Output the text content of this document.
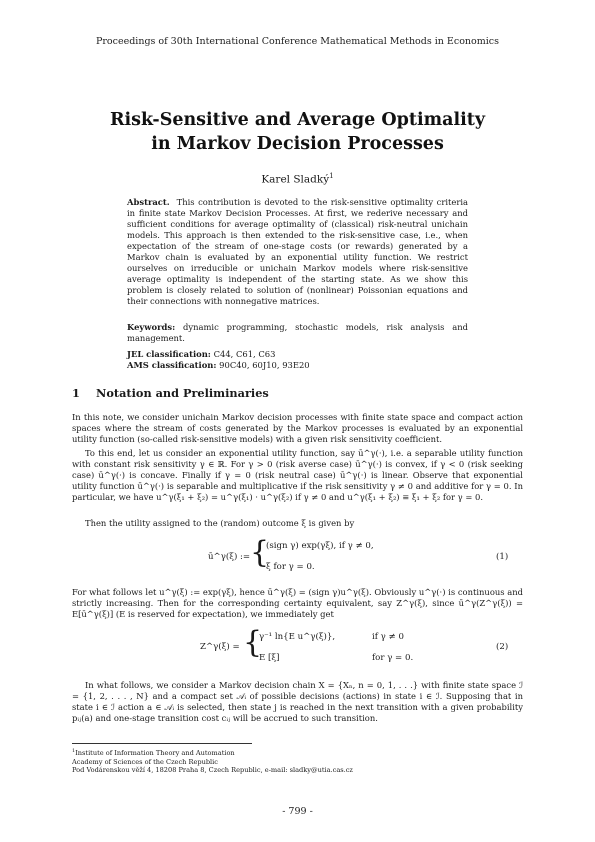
Proceedings of 30th International Conference Mathematical Methods in Economics
Risk-Sensitive and Average Optimality
in Markov Decision Processes
Karel Sladký$^1$
Abstract. This contribution is devoted to the risk-sensitive optimality criteria in finite state Markov Decision Processes. At first, we rederive necessary and sufficient conditions for average optimality of (classical) risk-neutral unichain models. This approach is then extended to the risk-sensitive case, i.e., when expectation of the stream of one-stage costs (or rewards) generated by a Markov chain is evaluated by an exponential utility function. We restrict ourselves on irreducible or unichain Markov models where risk-sensitive average optimality is independent of the starting state. As we show this problem is closely related to solution of (nonlinear) Poissonian equations and their connections with nonnegative matrices.
Keywords: dynamic programming, stochastic models, risk analysis and management.
JEL classification: C44, C61, C63
AMS classification: 90C40, 60J10, 93E20
1 Notation and Preliminaries
In this note, we consider unichain Markov decision processes with finite state space and compact action spaces where the stream of costs generated by the Markov processes is evaluated by an exponential utility function (so-called risk-sensitive models) with a given risk sensitivity coefficient.
To this end, let us consider an exponential utility function, say ū^γ(·), i.e. a separable utility function with constant risk sensitivity γ ∈ ℝ. For γ > 0 (risk averse case) ū^γ(·) is convex, if γ < 0 (risk seeking case) ū^γ(·) is concave. Finally if γ = 0 (risk neutral case) ū^γ(·) is linear. Observe that exponential utility function ū^γ(·) is separable and multiplicative if the risk sensitivity γ ≠ 0 and additive for γ = 0. In particular, we have u^γ(ξ₁ + ξ₂) = u^γ(ξ₁) · u^γ(ξ₂) if γ ≠ 0 and u^γ(ξ₁ + ξ₂) ≡ ξ₁ + ξ₂ for γ = 0.
Then the utility assigned to the (random) outcome ξ is given by
ū^γ(ξ) := {
(sign γ) exp(γξ), if γ ≠ 0,
ξ for γ = 0.
(1)
For what follows let u^γ(ξ) := exp(γξ), hence ū^γ(ξ) = (sign γ)u^γ(ξ). Obviously u^γ(·) is continuous and strictly increasing. Then for the corresponding certainty equivalent, say Z^γ(ξ), since ū^γ(Z^γ(ξ)) = E[ū^γ(ξ)] (E is reserved for expectation), we immediately get
Z^γ(ξ) = {
γ⁻¹ ln{E u^γ(ξ)},	if γ ≠ 0
E [ξ]	for γ = 0.
(2)
In what follows, we consider a Markov decision chain X = {Xₙ, n = 0, 1, . . .} with finite state space ℐ = {1, 2, . . . , N} and a compact set 𝒜ᵢ of possible decisions (actions) in state i ∈ ℐ. Supposing that in state i ∈ ℐ action a ∈ 𝒜ᵢ is selected, then state j is reached in the next transition with a given probability pᵢⱼ(a) and one-stage transition cost cᵢⱼ will be accrued to such transition.
$^1$Institute of Information Theory and Automation
Academy of Sciences of the Czech Republic
Pod Vodárenskou věží 4, 18208 Praha 8, Czech Republic, e-mail: sladky@utia.cas.cz
- 799 -
